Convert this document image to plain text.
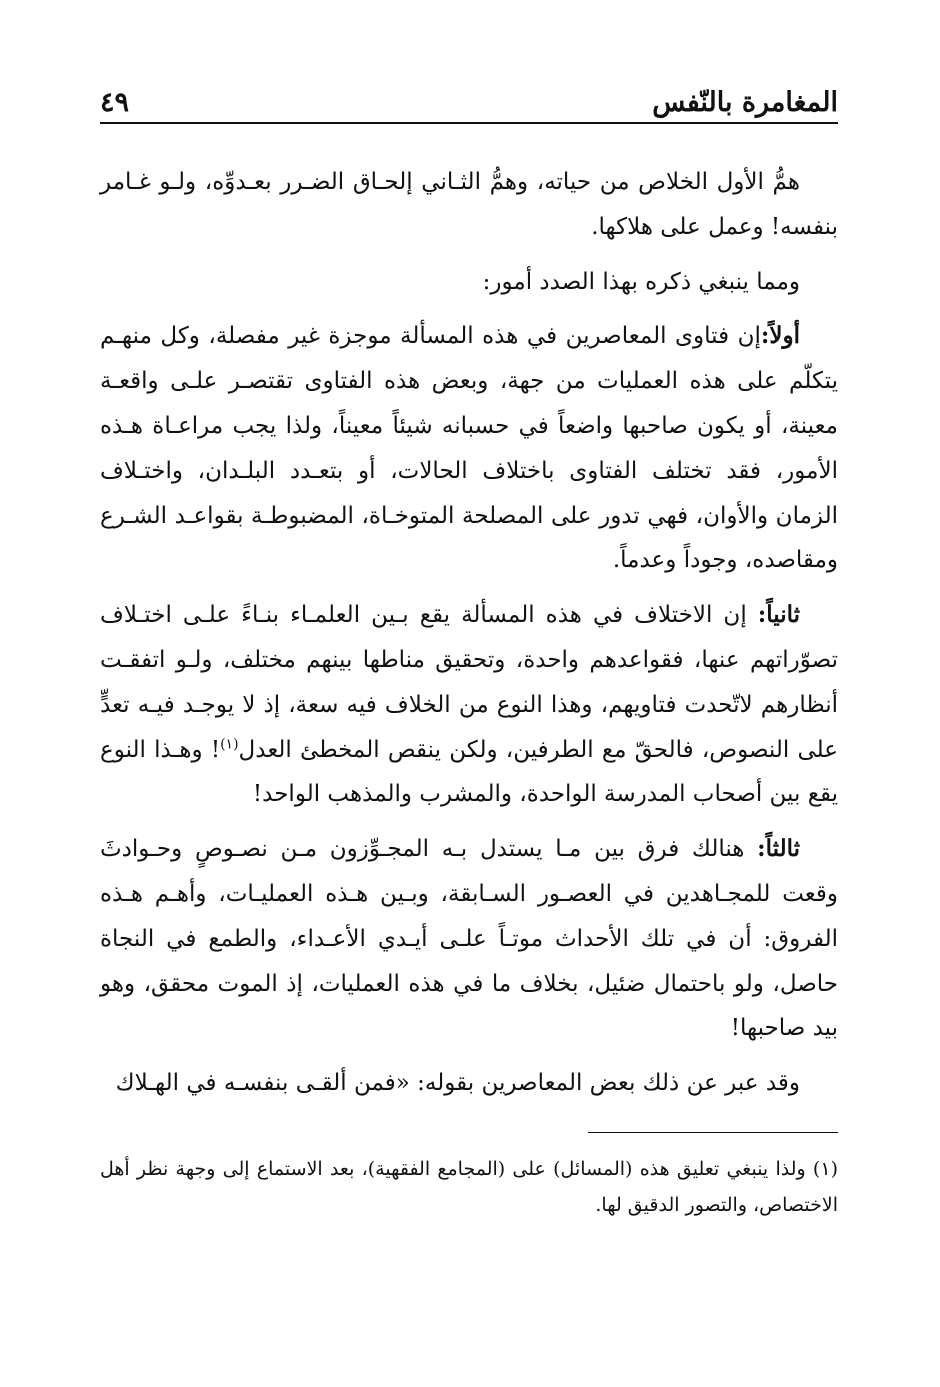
المغامرة بالنّفس
٤٩

همُّ الأول الخلاص من حياته، وهمُّ الثـاني إلحـاق الضـرر بعـدوِّه، ولـو غـامر بنفسه! وعمل على هلاكها.

ومما ينبغي ذكره بهذا الصدد أمور:

أولاً:إن فتاوى المعاصرين في هذه المسألة موجزة غير مفصلة، وكل منهـم يتكلّم على هذه العمليات من جهة، وبعض هذه الفتاوى تقتصـر علـى واقعـة معينة، أو يكون صاحبها واضعاً في حسبانه شيئاً معيناً، ولذا يجب مراعـاة هـذه الأمور، فقد تختلف الفتاوى باختلاف الحالات، أو بتعـدد البلـدان، واختـلاف الزمان والأوان، فهي تدور على المصلحة المتوخـاة، المضبوطـة بقواعـد الشـرع ومقاصده، وجوداً وعدماً.

ثانياً: إن الاختلاف في هذه المسألة يقع بـين العلمـاء بنـاءً علـى اختـلاف تصوّراتهم عنها، فقواعدهم واحدة، وتحقيق مناطها بينهم مختلف، ولـو اتفقـت أنظارهم لاتّحدت فتاويهم، وهذا النوع من الخلاف فيه سعة، إذ لا يوجـد فيـه تعدٍّ على النصوص، فالحقّ مع الطرفين، ولكن ينقص المخطئ العدل$^{(١)}$! وهـذا النوع يقع بين أصحاب المدرسة الواحدة، والمشرب والمذهب الواحد!

ثالثاً: هنالك فرق بين مـا يستدل بـه المجـوِّزون مـن نصـوصٍ وحـوادثَ وقعت للمجـاهدين في العصـور السـابقة، وبـين هـذه العمليـات، وأهـم هـذه الفروق: أن في تلك الأحداث موتـاً علـى أيـدي الأعـداء، والطمع في النجاة حاصل، ولو باحتمال ضئيل، بخلاف ما في هذه العمليات، إذ الموت محقق، وهو بيد صاحبها!

وقد عبر عن ذلك بعض المعاصرين بقوله: «فمن ألقـى بنفسـه في الهـلاك

(١) ولذا ينبغي تعليق هذه (المسائل) على (المجامع الفقهية)، بعد الاستماع إلى وجهة نظر أهل الاختصاص، والتصور الدقيق لها.
